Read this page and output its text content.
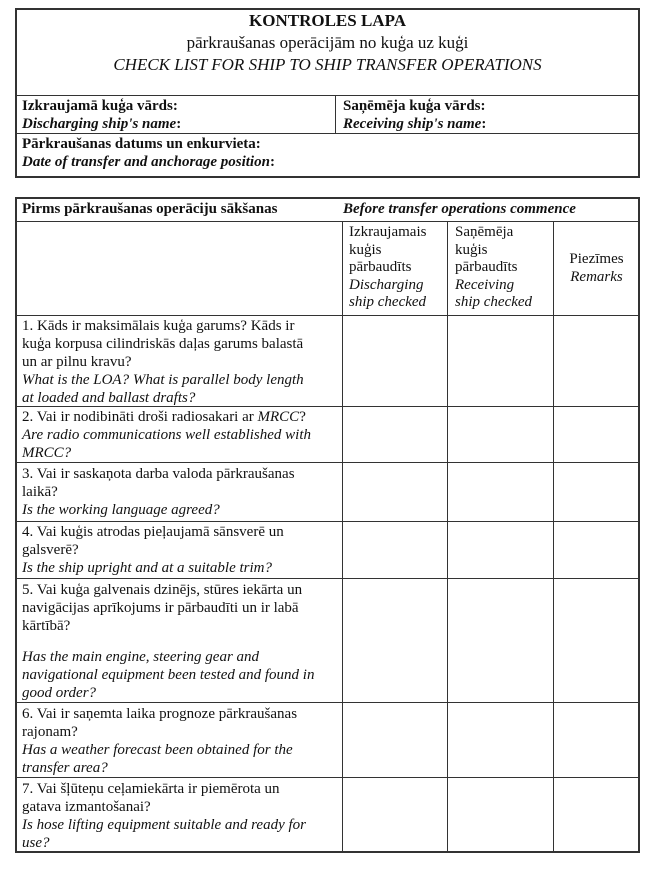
KONTROLES LAPA
pārkraušanas operācijām no kuģa uz kuģi
CHECK LIST FOR SHIP TO SHIP TRANSFER OPERATIONS
Izkraujamā kuģa vārds:
Discharging ship's name:
Saņēmēja kuģa vārds:
Receiving ship's name:
Pārkraušanas datums un enkurvieta:
Date of transfer and anchorage position:
Pirms pārkraušanas operāciju sākšanas	Before transfer operations commence
Izkraujamais
kuģis
pārbaudīts
Discharging
ship checked
Saņēmēja
kuģis
pārbaudīts
Receiving
ship checked
Piezīmes
Remarks
1. Kāds ir maksimālais kuģa garums? Kāds ir
kuģa korpusa cilindriskās daļas garums balastā
un ar pilnu kravu?
What is the LOA? What is parallel body length
at loaded and ballast drafts?
2. Vai ir nodibināti droši radiosakari ar MRCC?
Are radio communications well established with
MRCC?
3. Vai ir saskaņota darba valoda pārkraušanas
laikā?
Is the working language agreed?
4. Vai kuģis atrodas pieļaujamā sānsverē un
galsverē?
Is the ship upright and at a suitable trim?
5. Vai kuģa galvenais dzinējs, stūres iekārta un
navigācijas aprīkojums ir pārbaudīti un ir labā
kārtībā?
Has the main engine, steering gear and
navigational equipment been tested and found in
good order?
6. Vai ir saņemta laika prognoze pārkraušanas
rajonam?
Has a weather forecast been obtained for the
transfer area?
7. Vai šļūteņu ceļamiekārta ir piemērota un
gatava izmantošanai?
Is hose lifting equipment suitable and ready for
use?
